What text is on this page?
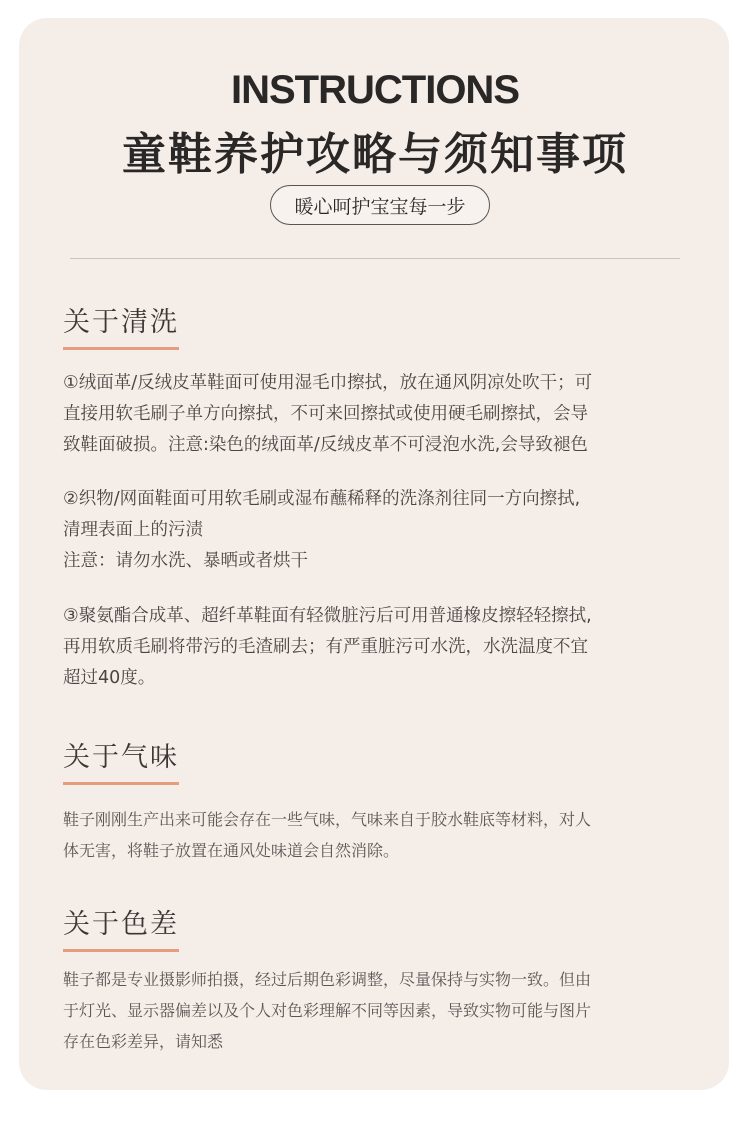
INSTRUCTIONS
童鞋养护攻略与须知事项
暖心呵护宝宝每一步
关于清洗
①绒面革/反绒皮革鞋面可使用湿毛巾擦拭，放在通风阴凉处吹干；可
直接用软毛刷子单方向擦拭，不可来回擦拭或使用硬毛刷擦拭，会导
致鞋面破损。注意:染色的绒面革/反绒皮革不可浸泡水洗,会导致褪色
②织物/网面鞋面可用软毛刷或湿布蘸稀释的洗涤剂往同一方向擦拭,
清理表面上的污渍
注意：请勿水洗、暴晒或者烘干
③聚氨酯合成革、超纤革鞋面有轻微脏污后可用普通橡皮擦轻轻擦拭,
再用软质毛刷将带污的毛渣刷去；有严重脏污可水洗，水洗温度不宜
超过40度。
关于气味
鞋子刚刚生产出来可能会存在一些气味，气味来自于胶水鞋底等材料，对人
体无害，将鞋子放置在通风处味道会自然消除。
关于色差
鞋子都是专业摄影师拍摄，经过后期色彩调整，尽量保持与实物一致。但由
于灯光、显示器偏差以及个人对色彩理解不同等因素，导致实物可能与图片
存在色彩差异，请知悉
